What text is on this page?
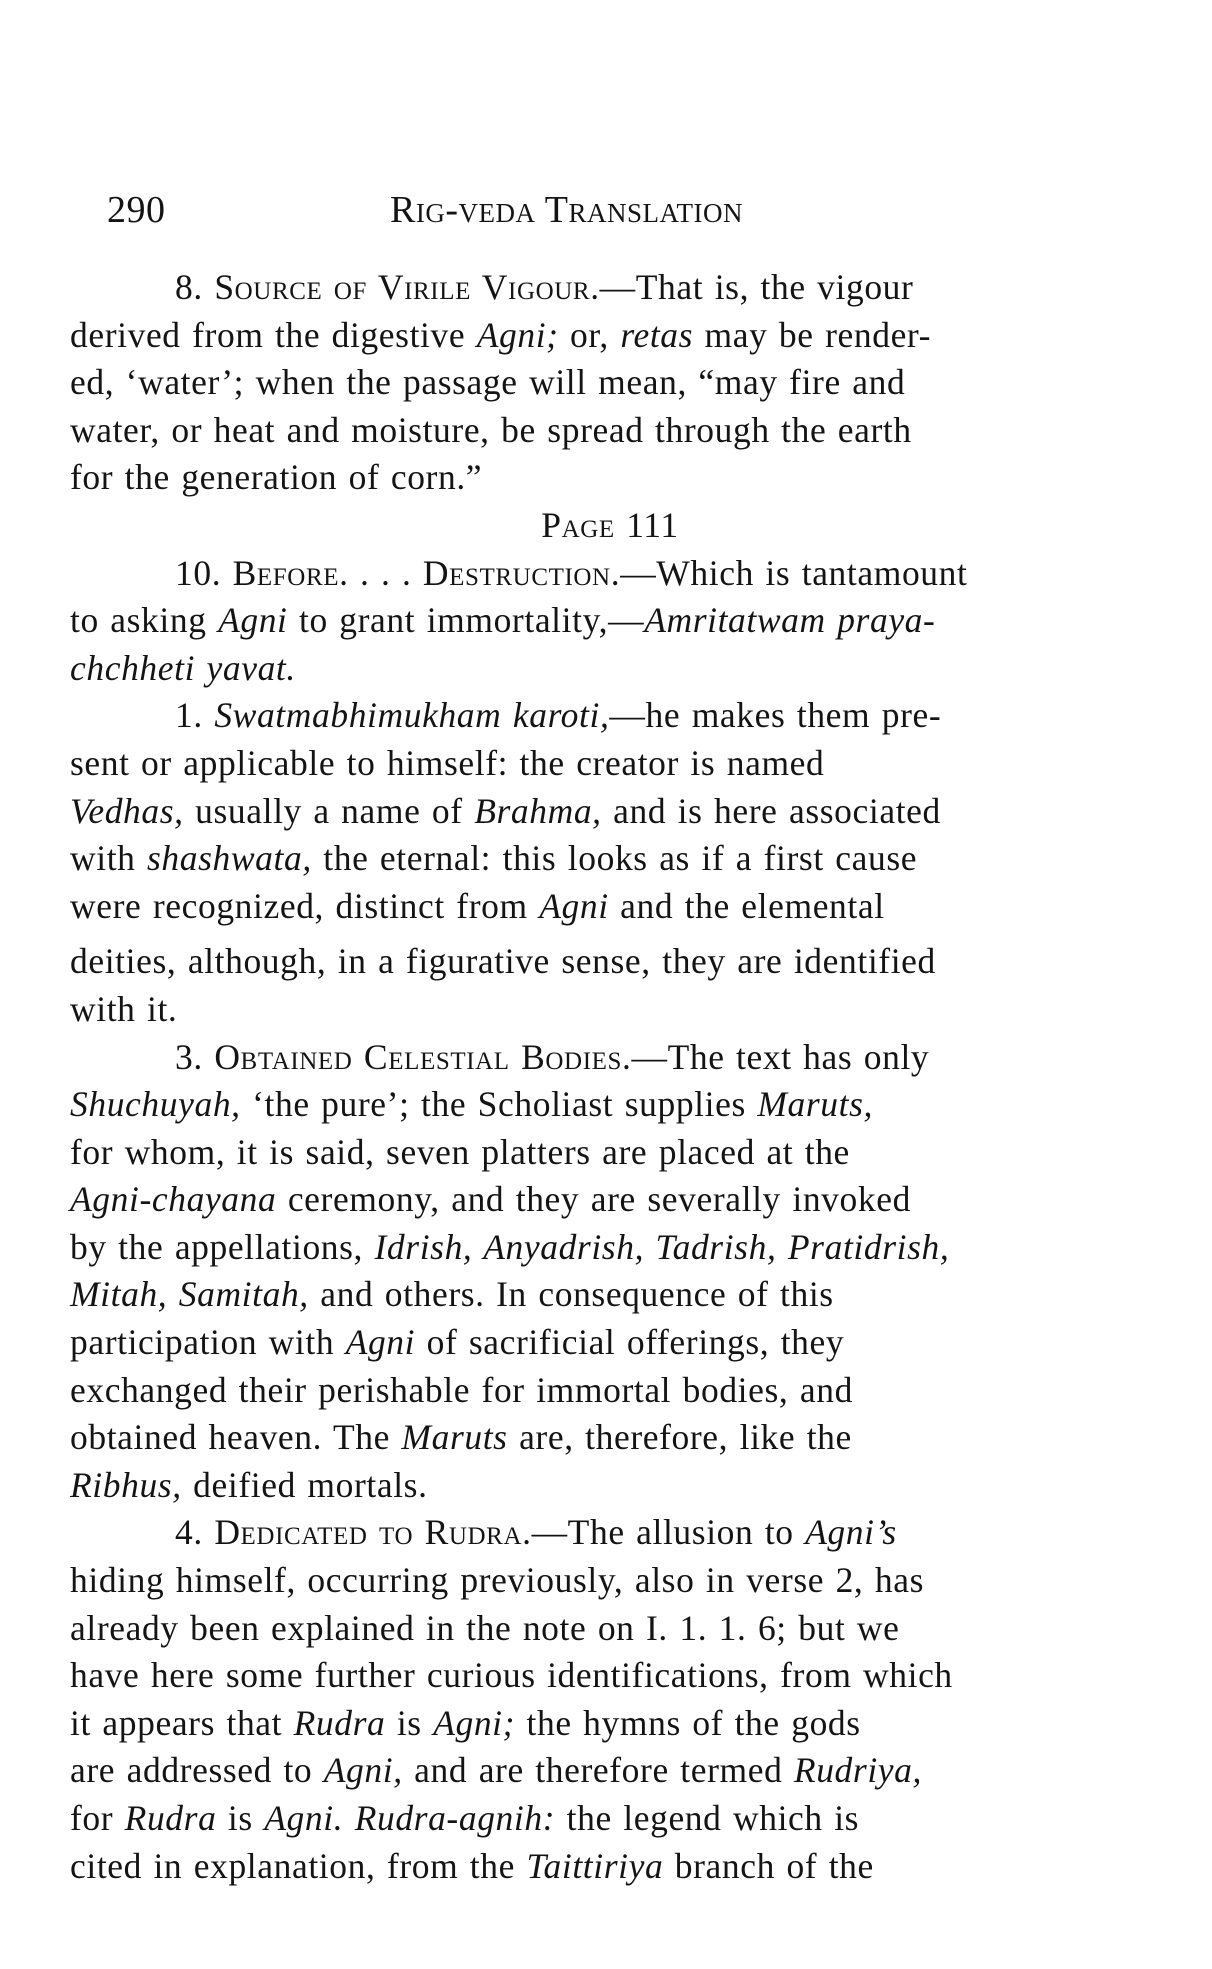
290	Rig-veda Translation
8. Source of Virile Vigour.—That is, the vigour
derived from the digestive Agni; or, retas may be render-
ed, ‘water’; when the passage will mean, “may fire and
water, or heat and moisture, be spread through the earth
for the generation of corn.”
Page 111
10. Before. . . . Destruction.—Which is tantamount
to asking Agni to grant immortality,—Amritatwam praya-
chchheti yavat.
1. Swatmabhimukham karoti,—he makes them pre-
sent or applicable to himself: the creator is named
Vedhas, usually a name of Brahma, and is here associated
with shashwata, the eternal: this looks as if a first cause
were recognized, distinct from Agni and the elemental
deities, although, in a figurative sense, they are identified
with it.
3. Obtained Celestial Bodies.—The text has only
Shuchuyah, ‘the pure’; the Scholiast supplies Maruts,
for whom, it is said, seven platters are placed at the
Agni-chayana ceremony, and they are severally invoked
by the appellations, Idrish, Anyadrish, Tadrish, Pratidrish,
Mitah, Samitah, and others. In consequence of this
participation with Agni of sacrificial offerings, they
exchanged their perishable for immortal bodies, and
obtained heaven. The Maruts are, therefore, like the
Ribhus, deified mortals.
4. Dedicated to Rudra.—The allusion to Agni’s
hiding himself, occurring previously, also in verse 2, has
already been explained in the note on I. 1. 1. 6; but we
have here some further curious identifications, from which
it appears that Rudra is Agni; the hymns of the gods
are addressed to Agni, and are therefore termed Rudriya,
for Rudra is Agni. Rudra-agnih: the legend which is
cited in explanation, from the Taittiriya branch of the
